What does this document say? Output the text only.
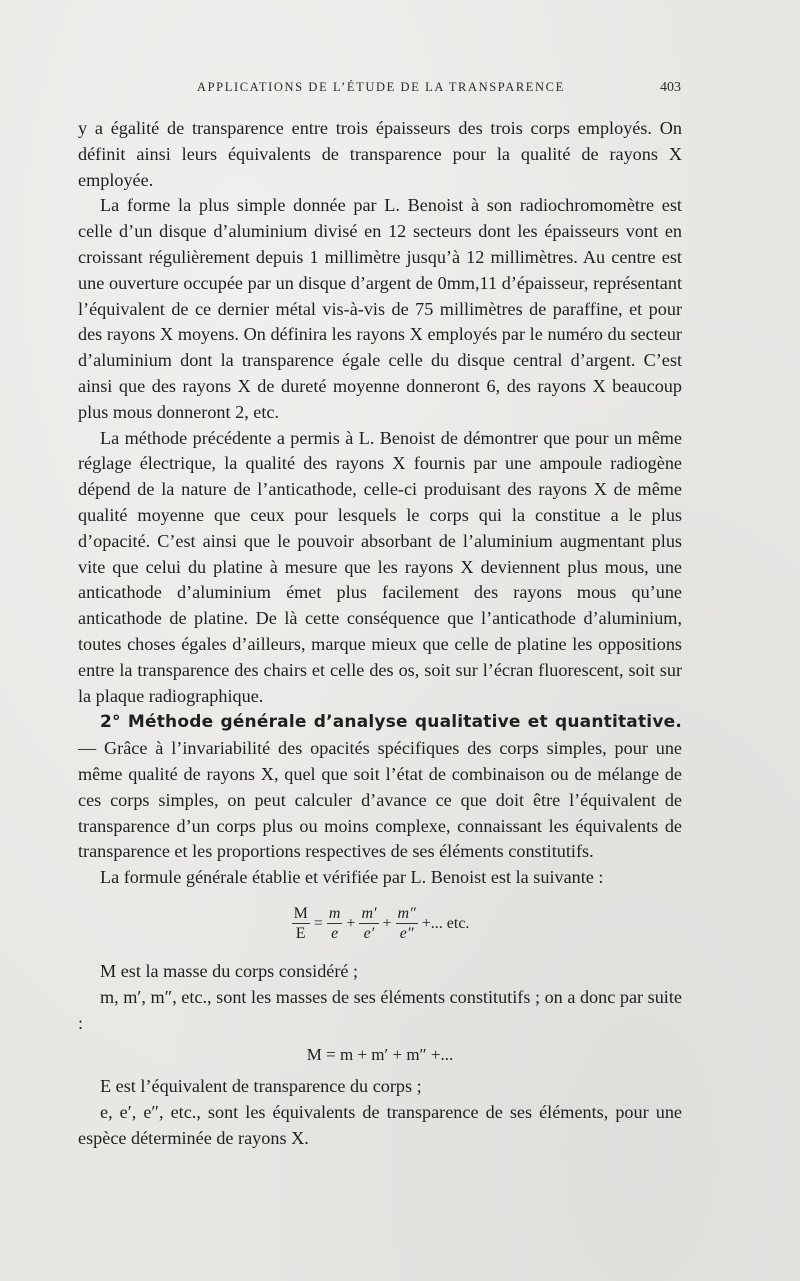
APPLICATIONS DE L’ÉTUDE DE LA TRANSPARENCE	403

y a égalité de transparence entre trois épaisseurs des trois corps employés. On définit ainsi leurs équivalents de transparence pour la qualité de rayons X employée.

La forme la plus simple donnée par L. Benoist à son radiochromomètre est celle d’un disque d’aluminium divisé en 12 secteurs dont les épaisseurs vont en croissant régulièrement depuis 1 millimètre jusqu’à 12 millimètres. Au centre est une ouverture occupée par un disque d’argent de 0mm,11 d’épaisseur, représentant l’équivalent de ce dernier métal vis-à-vis de 75 millimètres de paraffine, et pour des rayons X moyens. On définira les rayons X employés par le numéro du secteur d’aluminium dont la transparence égale celle du disque central d’argent. C’est ainsi que des rayons X de dureté moyenne donneront 6, des rayons X beaucoup plus mous donneront 2, etc.

La méthode précédente a permis à L. Benoist de démontrer que pour un même réglage électrique, la qualité des rayons X fournis par une ampoule radiogène dépend de la nature de l’anticathode, celle-ci produisant des rayons X de même qualité moyenne que ceux pour lesquels le corps qui la constitue a le plus d’opacité. C’est ainsi que le pouvoir absorbant de l’aluminium augmentant plus vite que celui du platine à mesure que les rayons X deviennent plus mous, une anticathode d’aluminium émet plus facilement des rayons mous qu’une anticathode de platine. De là cette conséquence que l’anticathode d’aluminium, toutes choses égales d’ailleurs, marque mieux que celle de platine les oppositions entre la transparence des chairs et celle des os, soit sur l’écran fluorescent, soit sur la plaque radiographique.

2° Méthode générale d’analyse qualitative et quantitative. — Grâce à l’invariabilité des opacités spécifiques des corps simples, pour une même qualité de rayons X, quel que soit l’état de combinaison ou de mélange de ces corps simples, on peut calculer d’avance ce que doit être l’équivalent de transparence d’un corps plus ou moins complexe, connaissant les équivalents de transparence et les proportions respectives de ses éléments constitutifs.

La formule générale établie et vérifiée par L. Benoist est la suivante :

$\frac{M}{E} = \frac{m}{e} + \frac{m'}{e'} + \frac{m''}{e''}$ +... etc.

M est la masse du corps considéré ;

m, m′, m″, etc., sont les masses de ses éléments constitutifs ; on a donc par suite :

M = m + m′ + m″ +...

E est l’équivalent de transparence du corps ;

e, e′, e″, etc., sont les équivalents de transparence de ses éléments, pour une espèce déterminée de rayons X.
